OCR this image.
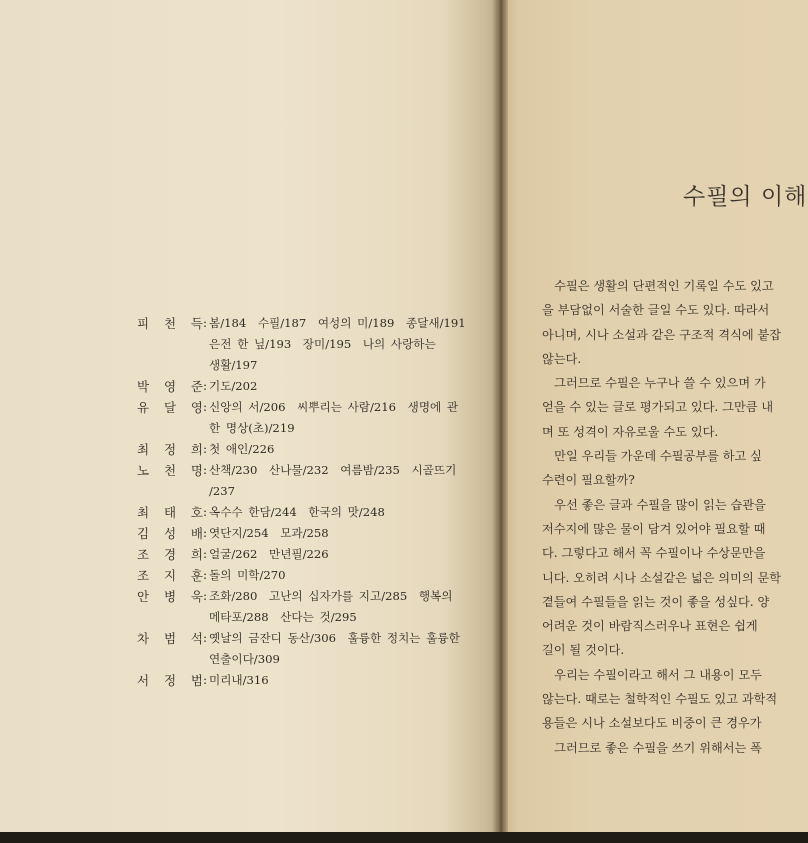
피 천 득 : 봄/184　수필/187　여성의 미/189　종달새/191
은전 한 닢/193　장미/195　나의 사랑하는
생활/197
박 영 준 : 기도/202
유 달 영 : 신앙의 서/206　씨뿌리는 사람/216　생명에 관
한 명상(초)/219
최 정 희 : 첫 애인/226
노 천 명 : 산책/230　산나물/232　여름밤/235　시골뜨기
/237
최 태 호 : 옥수수 한담/244　한국의 맛/248
김 성 배 : 엿단지/254　모과/258
조 경 희 : 얼굴/262　만년필/226
조 지 훈 : 돌의 미학/270
안 병 욱 : 조화/280　고난의 십자가를 지고/285　행복의
메타포/288　산다는 것/295
차 범 석 : 옛날의 금잔디 동산/306　훌륭한 정치는 훌륭한
연출이다/309
서 정 범 : 미리내/316
수필의 이해
　수필은 생활의 단편적인 기록일 수도 있고
을 부담없이 서술한 글일 수도 있다. 따라서
아니며, 시나 소설과 같은 구조적 격식에 붙잡
않는다.
　그러므로 수필은 누구나 쓸 수 있으며 가
얻을 수 있는 글로 평가되고 있다. 그만큼 내
며 또 성격이 자유로울 수도 있다.
　만일 우리들 가운데 수필공부를 하고 싶
수련이 필요할까?
　우선 좋은 글과 수필을 많이 읽는 습관을
저수지에 많은 물이 담겨 있어야 필요할 때
다. 그렇다고 해서 꼭 수필이나 수상문만을
니다. 오히려 시나 소설같은 넓은 의미의 문학
곁들여 수필들을 읽는 것이 좋을 성싶다. 양
어려운 것이 바람직스러우나 표현은 쉽게
길이 될 것이다.
　우리는 수필이라고 해서 그 내용이 모두
않는다. 때로는 철학적인 수필도 있고 과학적
용들은 시나 소설보다도 비중이 큰 경우가
　그러므로 좋은 수필을 쓰기 위해서는 폭
